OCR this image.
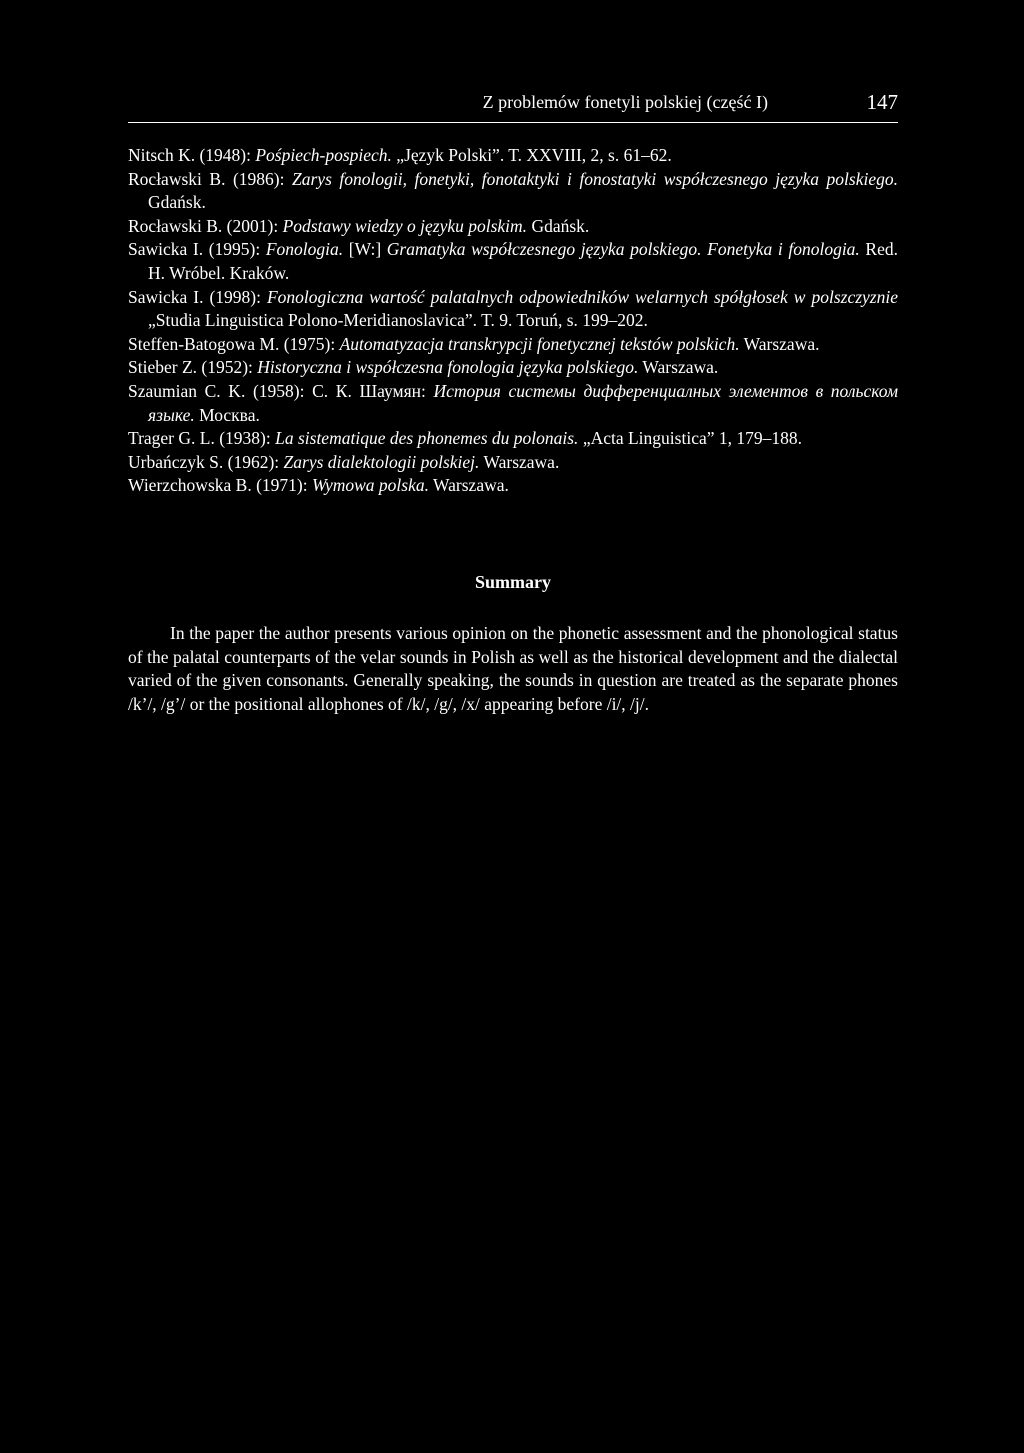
Z problemów fonetyli polskiej (część I)	147

Nitsch K. (1948): Pośpiech-pospiech. „Język Polski”. T. XXVIII, 2, s. 61–62.

Rocławski B. (1986): Zarys fonologii, fonetyki, fonotaktyki i fonostatyki współczesnego języka polskiego. Gdańsk.

Rocławski B. (2001): Podstawy wiedzy o języku polskim. Gdańsk.

Sawicka I. (1995): Fonologia. [W:] Gramatyka współczesnego języka polskiego. Fonetyka i fonologia. Red. H. Wróbel. Kraków.

Sawicka I. (1998): Fonologiczna wartość palatalnych odpowiedników welarnych spółgłosek w polszczyznie „Studia Linguistica Polono-Meridianoslavica”. T. 9. Toruń, s. 199–202.

Steffen-Batogowa M. (1975): Automatyzacja transkrypcji fonetycznej tekstów polskich. Warszawa.

Stieber Z. (1952): Historyczna i współczesna fonologia języka polskiego. Warszawa.

Szaumian C. K. (1958): С. К. Шаумян: История системы дифференциалных элементов в польском языке. Москва.

Trager G. L. (1938): La sistematique des phonemes du polonais. „Acta Linguistica” 1, 179–188.

Urbańczyk S. (1962): Zarys dialektologii polskiej. Warszawa.

Wierzchowska B. (1971): Wymowa polska. Warszawa.

Summary

In the paper the author presents various opinion on the phonetic assessment and the phonological status of the palatal counterparts of the velar sounds in Polish as well as the historical development and the dialectal varied of the given consonants. Generally speaking, the sounds in question are treated as the separate phones /k’/, /g’/ or the positional allophones of /k/, /g/, /x/ appearing before /i/, /j/.
